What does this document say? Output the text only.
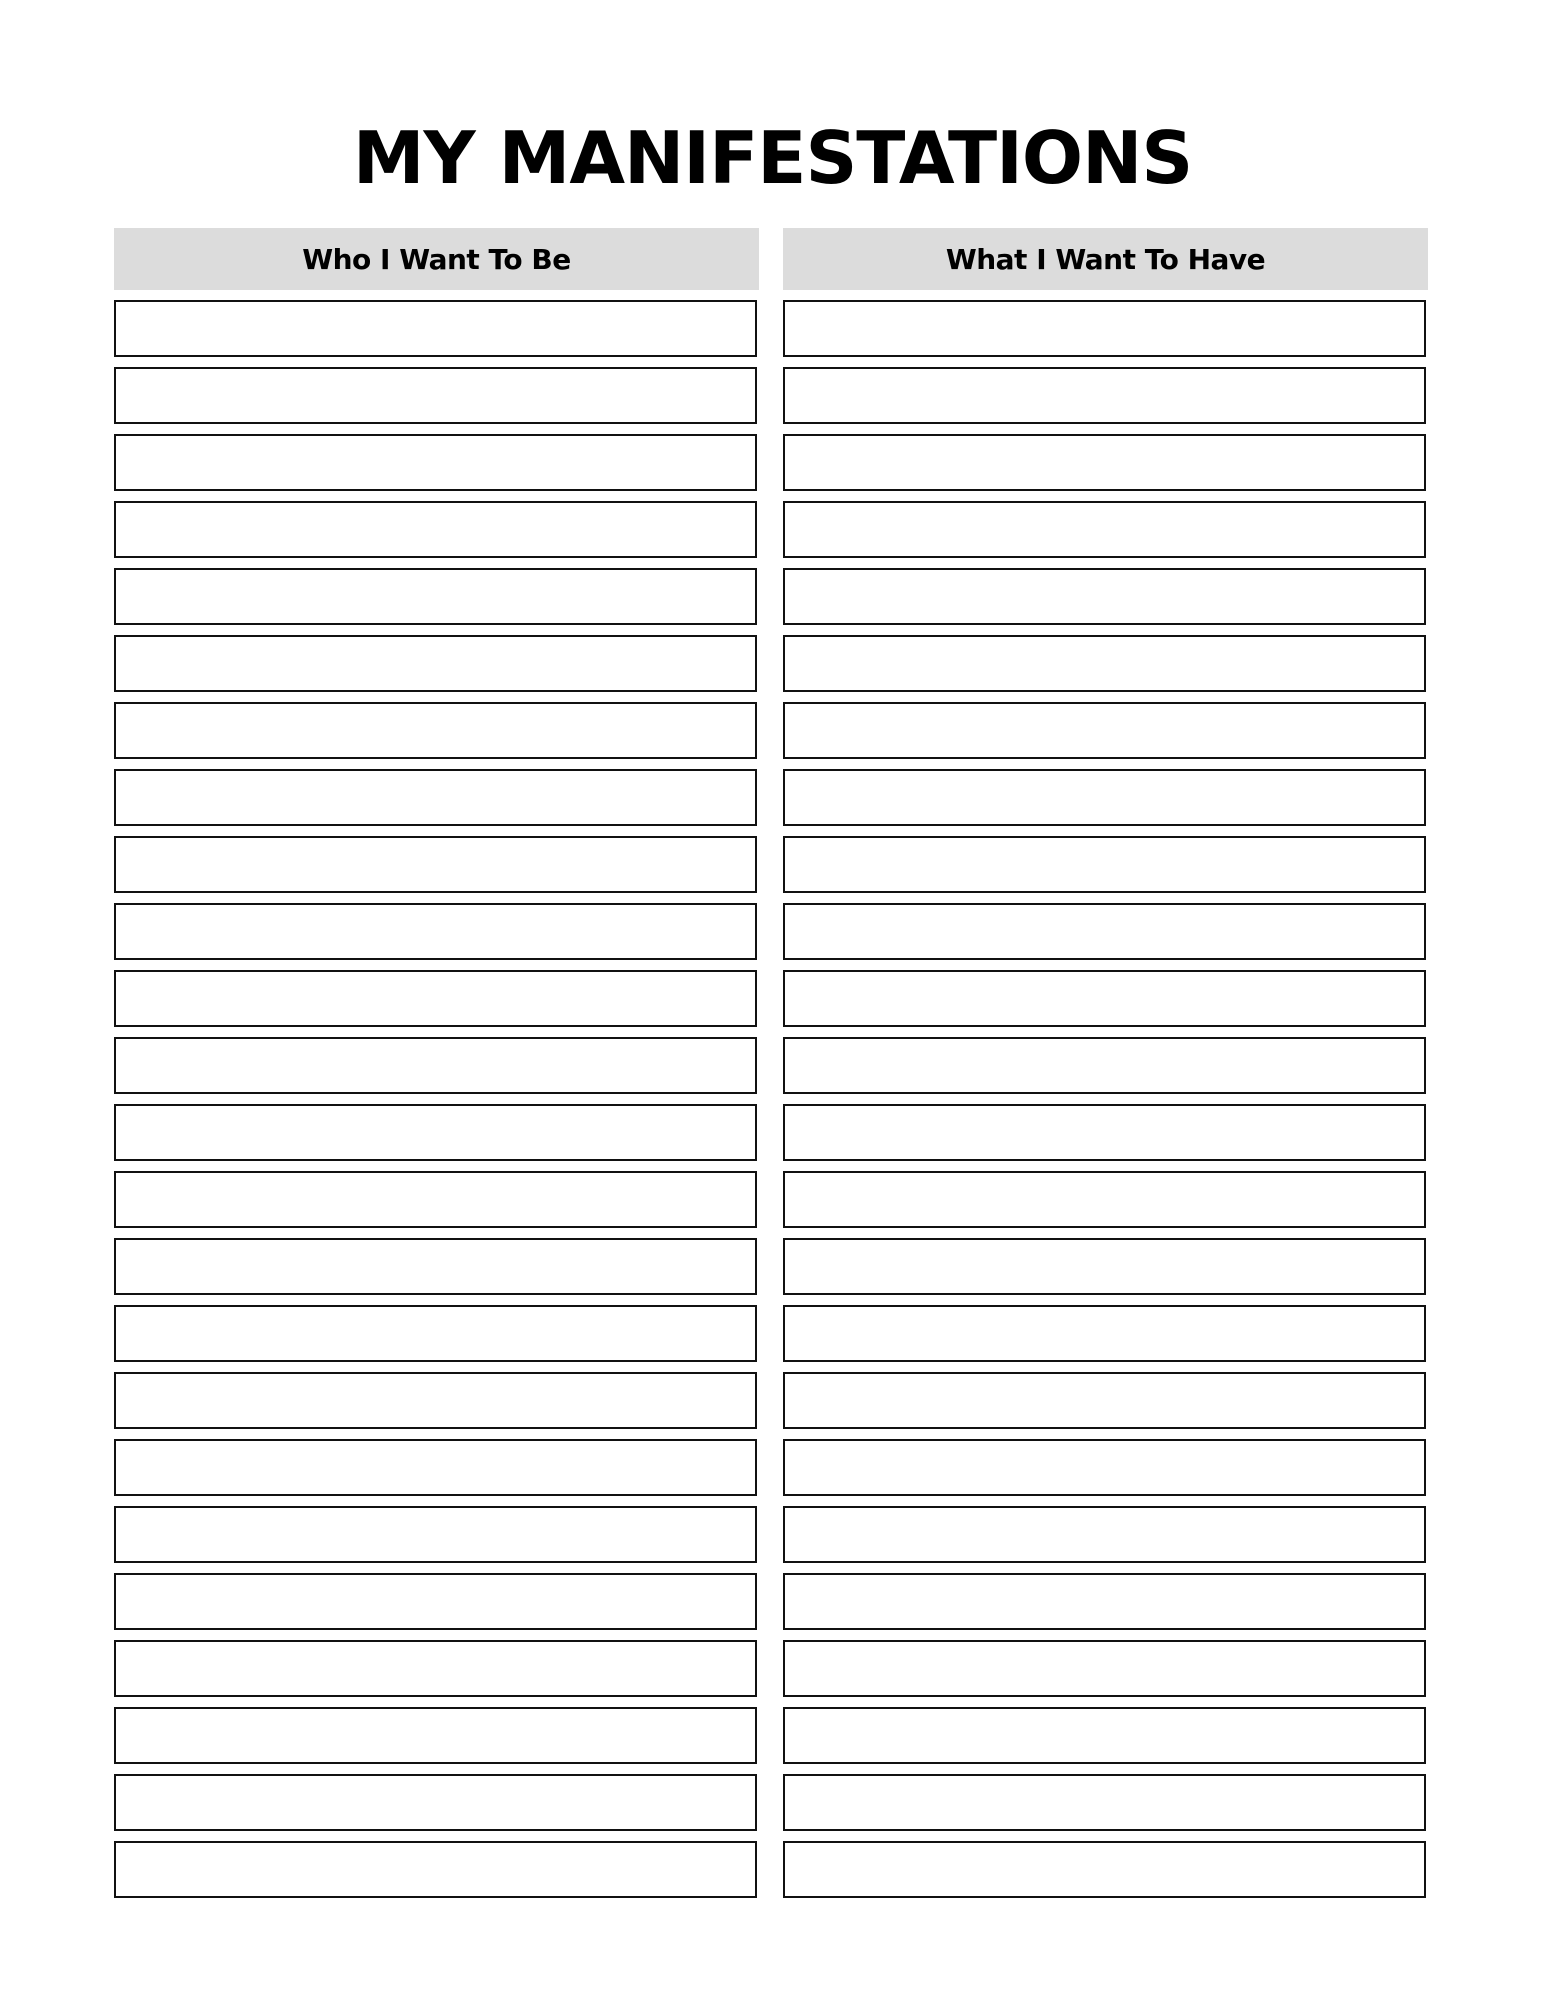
MY MANIFESTATIONS
Who I Want To Be	What I Want To Have
